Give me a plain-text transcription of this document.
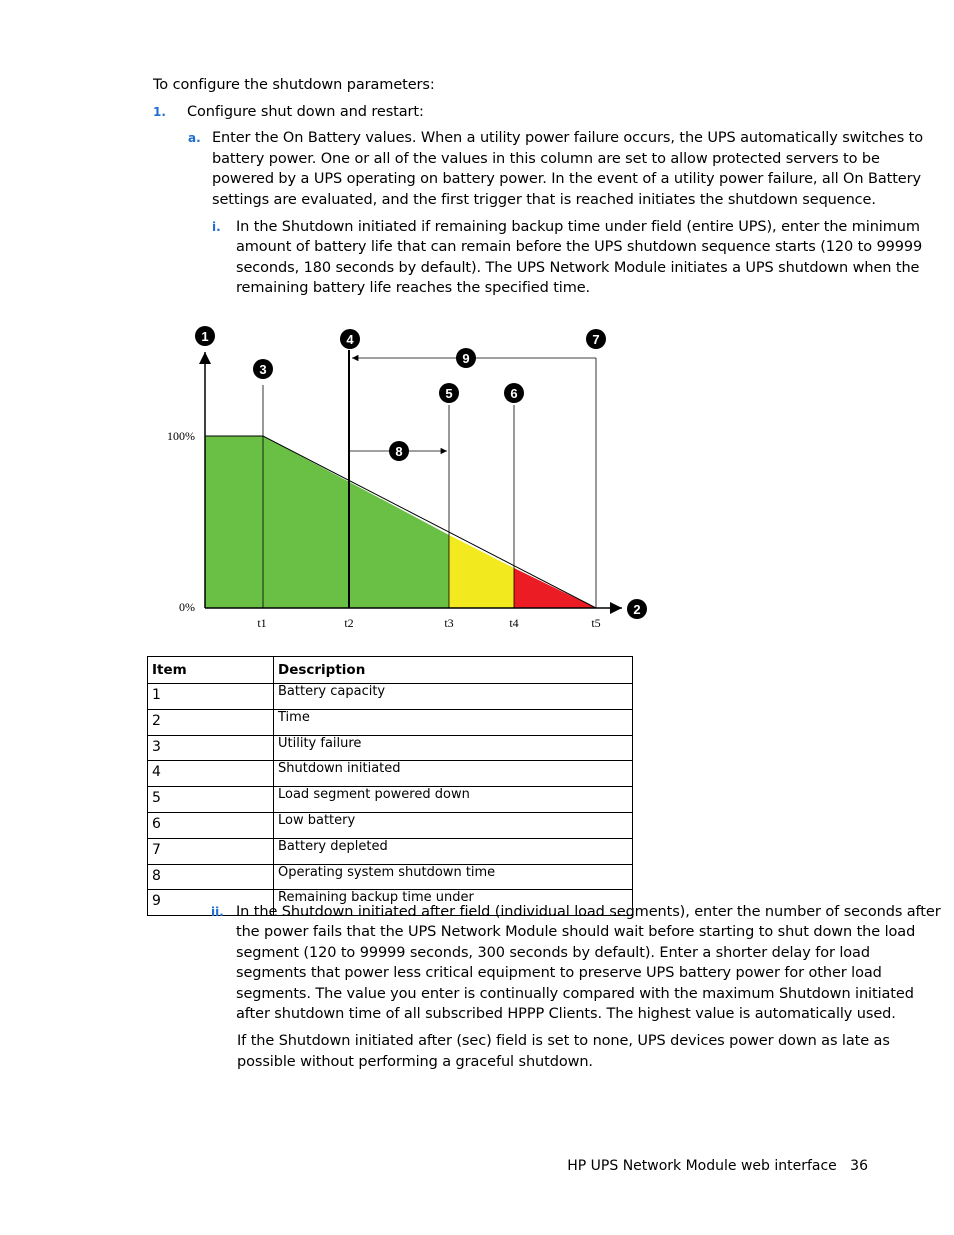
To configure the shutdown parameters:
1. Configure shut down and restart:
a. Enter the On Battery values. When a utility power failure occurs, the UPS automatically switches to
battery power. One or all of the values in this column are set to allow protected servers to be
powered by a UPS operating on battery power. In the event of a utility power failure, all On Battery
settings are evaluated, and the first trigger that is reached initiates the shutdown sequence.
i. In the Shutdown initiated if remaining backup time under field (entire UPS), enter the minimum
amount of battery life that can remain before the UPS shutdown sequence starts (120 to 99999
seconds, 180 seconds by default). The UPS Network Module initiates a UPS shutdown when the
remaining battery life reaches the specified time.
100%
0%
t1	t2	t3	t4	t5
1
2
3
4
5	6
7
8
9
Item	Description
1	Battery capacity
2	Time
3	Utility failure
4	Shutdown initiated
5	Load segment powered down
6	Low battery
7	Battery depleted
8	Operating system shutdown time
9	Remaining backup time under
ii. In the Shutdown initiated after field (individual load segments), enter the number of seconds after
the power fails that the UPS Network Module should wait before starting to shut down the load
segment (120 to 99999 seconds, 300 seconds by default). Enter a shorter delay for load
segments that power less critical equipment to preserve UPS battery power for other load
segments. The value you enter is continually compared with the maximum Shutdown initiated
after shutdown time of all subscribed HPPP Clients. The highest value is automatically used.
If the Shutdown initiated after (sec) field is set to none, UPS devices power down as late as
possible without performing a graceful shutdown.
HP UPS Network Module web interface 36
